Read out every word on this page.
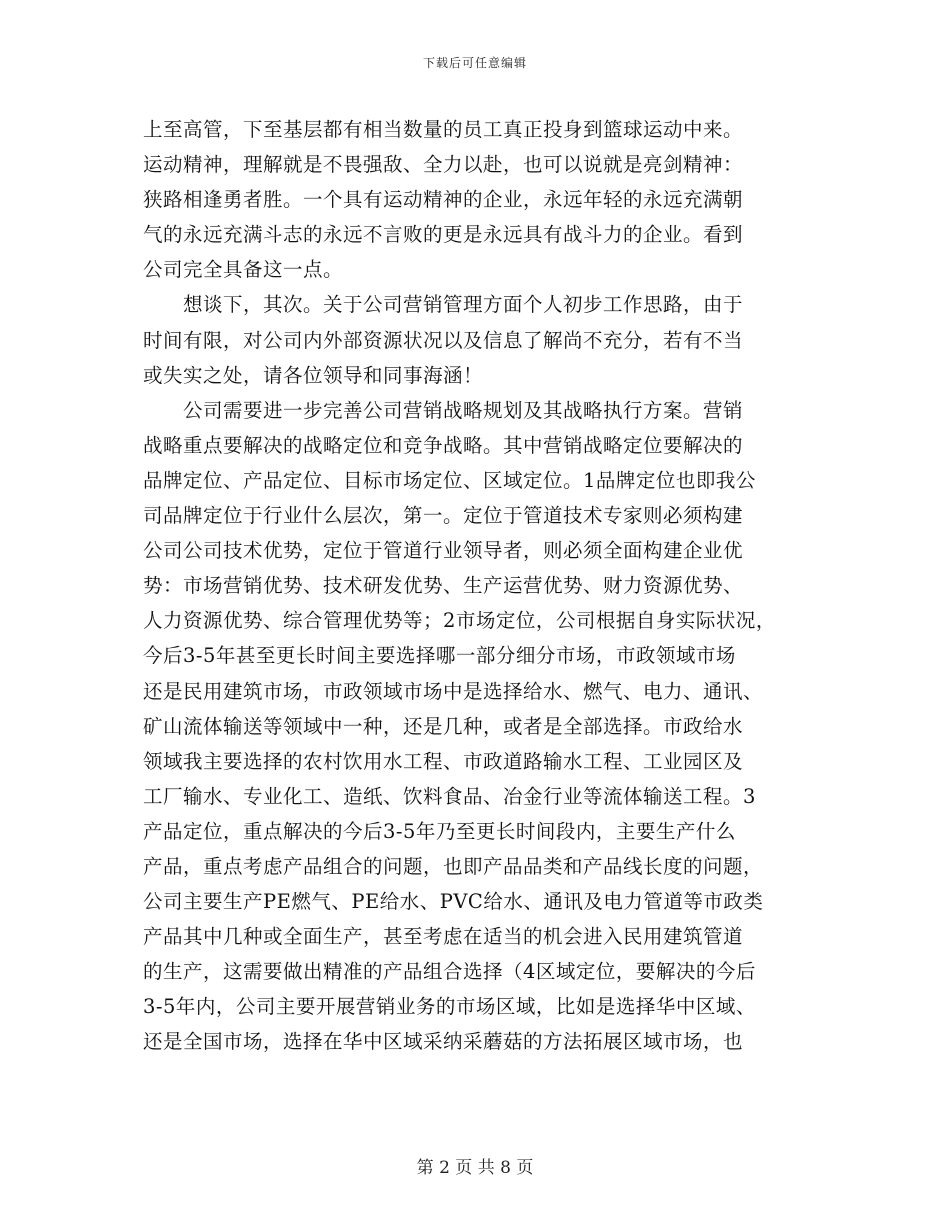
下载后可任意编辑
上至高管，下至基层都有相当数量的员工真正投身到篮球运动中来。
运动精神，理解就是不畏强敌、全力以赴，也可以说就是亮剑精神：
狭路相逢勇者胜。一个具有运动精神的企业，永远年轻的永远充满朝
气的永远充满斗志的永远不言败的更是永远具有战斗力的企业。看到
公司完全具备这一点。
　　想谈下，其次。关于公司营销管理方面个人初步工作思路，由于
时间有限，对公司内外部资源状况以及信息了解尚不充分，若有不当
或失实之处，请各位领导和同事海涵！
　　公司需要进一步完善公司营销战略规划及其战略执行方案。营销
战略重点要解决的战略定位和竞争战略。其中营销战略定位要解决的
品牌定位、产品定位、目标市场定位、区域定位。1品牌定位也即我公
司品牌定位于行业什么层次，第一。定位于管道技术专家则必须构建
公司公司技术优势，定位于管道行业领导者，则必须全面构建企业优
势：市场营销优势、技术研发优势、生产运营优势、财力资源优势、
人力资源优势、综合管理优势等；2市场定位，公司根据自身实际状况，
今后3-5年甚至更长时间主要选择哪一部分细分市场，市政领域市场
还是民用建筑市场，市政领域市场中是选择给水、燃气、电力、通讯、
矿山流体输送等领域中一种，还是几种，或者是全部选择。市政给水
领域我主要选择的农村饮用水工程、市政道路输水工程、工业园区及
工厂输水、专业化工、造纸、饮料食品、冶金行业等流体输送工程。3
产品定位，重点解决的今后3-5年乃至更长时间段内，主要生产什么
产品，重点考虑产品组合的问题，也即产品品类和产品线长度的问题，
公司主要生产PE燃气、PE给水、PVC给水、通讯及电力管道等市政类
产品其中几种或全面生产，甚至考虑在适当的机会进入民用建筑管道
的生产，这需要做出精准的产品组合选择（4区域定位，要解决的今后
3-5年内，公司主要开展营销业务的市场区域，比如是选择华中区域、
还是全国市场，选择在华中区域采纳采蘑菇的方法拓展区域市场，也
第 2 页 共 8 页
